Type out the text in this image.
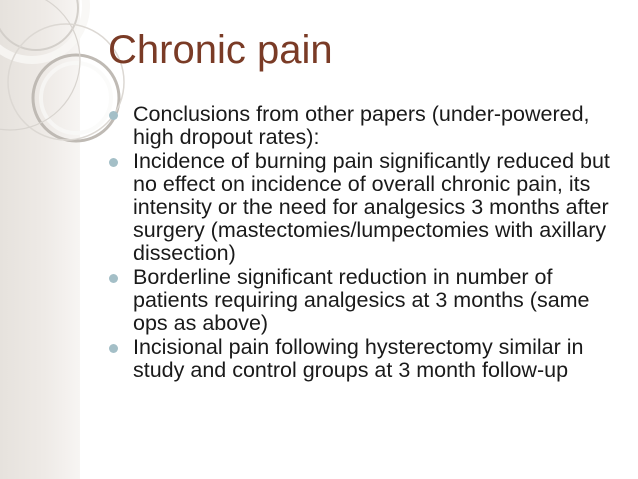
Chronic pain
Conclusions from other papers (under-powered, high dropout rates):
Incidence of burning pain significantly reduced but no effect on incidence of overall chronic pain, its intensity or the need for analgesics 3 months after surgery (mastectomies/lumpectomies with axillary dissection)
Borderline significant reduction in number of patients requiring analgesics at 3 months (same ops as above)
Incisional pain following hysterectomy similar in study and control groups at 3 month follow-up
